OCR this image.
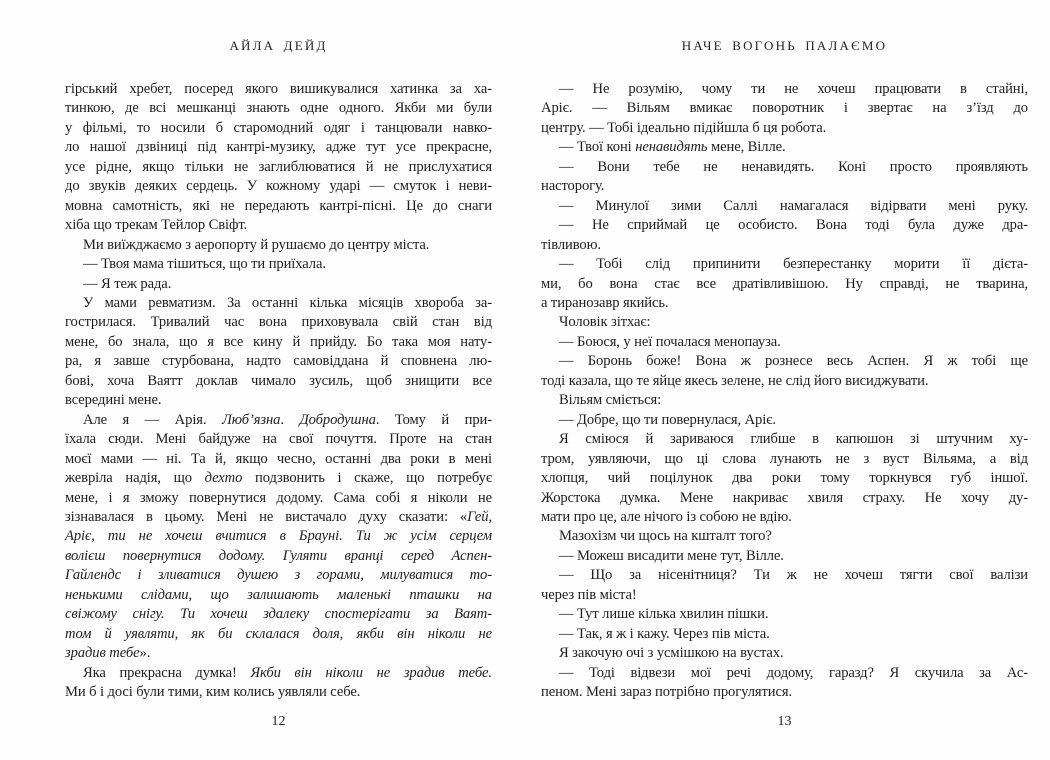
АЙЛА ДЕЙД
гірський хребет, посеред якого вишикувалися хатинка за ха-
тинкою, де всі мешканці знають одне одного. Якби ми були
у фільмі, то носили б старомодний одяг і танцювали навко-
ло нашої дзвіниці під кантрі-музику, адже тут усе прекрасне,
усе рідне, якщо тільки не заглиблюватися й не прислухатися
до звуків деяких сердець. У кожному ударі — смуток і неви-
мовна самотність, які не передають кантрі-пісні. Це до снаги
хіба що трекам Тейлор Свіфт.
Ми виїжджаємо з аеропорту й рушаємо до центру міста.
— Твоя мама тішиться, що ти приїхала.
— Я теж рада.
У мами ревматизм. За останні кілька місяців хвороба за-
гострилася. Тривалий час вона приховувала свій стан від
мене, бо знала, що я все кину й прийду. Бо така моя нату-
ра, я завше стурбована, надто самовіддана й сповнена лю-
бові, хоча Ваятт доклав чимало зусиль, щоб знищити все
всередині мене.
Але я — Арія. Люб’язна. Добродушна. Тому й при-
їхала сюди. Мені байдуже на свої почуття. Проте на стан
моєї мами — ні. Та й, якщо чесно, останні два роки в мені
жевріла надія, що дехто подзвонить і скаже, що потребує
мене, і я зможу повернутися додому. Сама собі я ніколи не
зізнавалася в цьому. Мені не вистачало духу сказати: «Гей,
Аріє, ти не хочеш вчитися в Брауні. Ти ж усім серцем
волієш повернутися додому. Гуляти вранці серед Аспен-
Гайлендс і зливатися душею з горами, милуватися то-
ненькими слідами, що залишають маленькі пташки на
свіжому снігу. Ти хочеш здалеку спостерігати за Ваят-
том й уявляти, як би склалася доля, якби він ніколи не
зрадив тебе».
Яка прекрасна думка! Якби він ніколи не зрадив тебе.
Ми б і досі були тими, ким колись уявляли себе.
12
НАЧЕ ВОГОНЬ ПАЛАЄМО
— Не розумію, чому ти не хочеш працювати в стайні,
Аріє. — Вільям вмикає поворотник і звертає на з’їзд до
центру. — Тобі ідеально підійшла б ця робота.
— Твої коні ненавидять мене, Вілле.
— Вони тебе не ненавидять. Коні просто проявляють
насторогу.
— Минулої зими Саллі намагалася відірвати мені руку.
— Не сприймай це особисто. Вона тоді була дуже дра-
тівливою.
— Тобі слід припинити безперестанку морити її дієта-
ми, бо вона стає все дратівливішою. Ну справді, не тварина,
а тиранозавр якийсь.
Чоловік зітхає:
— Боюся, у неї почалася менопауза.
— Боронь боже! Вона ж рознесе весь Аспен. Я ж тобі ще
тоді казала, що те яйце якесь зелене, не слід його висиджувати.
Вільям сміється:
— Добре, що ти повернулася, Аріє.
Я сміюся й зариваюся глибше в капюшон зі штучним ху-
тром, уявляючи, що ці слова лунають не з вуст Вільяма, а від
хлопця, чий поцілунок два роки тому торкнувся губ іншої.
Жорстока думка. Мене накриває хвиля страху. Не хочу ду-
мати про це, але нічого із собою не вдію.
Мазохізм чи щось на кшталт того?
— Можеш висадити мене тут, Вілле.
— Що за нісенітниця? Ти ж не хочеш тягти свої валізи
через пів міста!
— Тут лише кілька хвилин пішки.
— Так, я ж і кажу. Через пів міста.
Я закочую очі з усмішкою на вустах.
— Тоді відвези мої речі додому, гаразд? Я скучила за Ас-
пеном. Мені зараз потрібно прогулятися.
13
